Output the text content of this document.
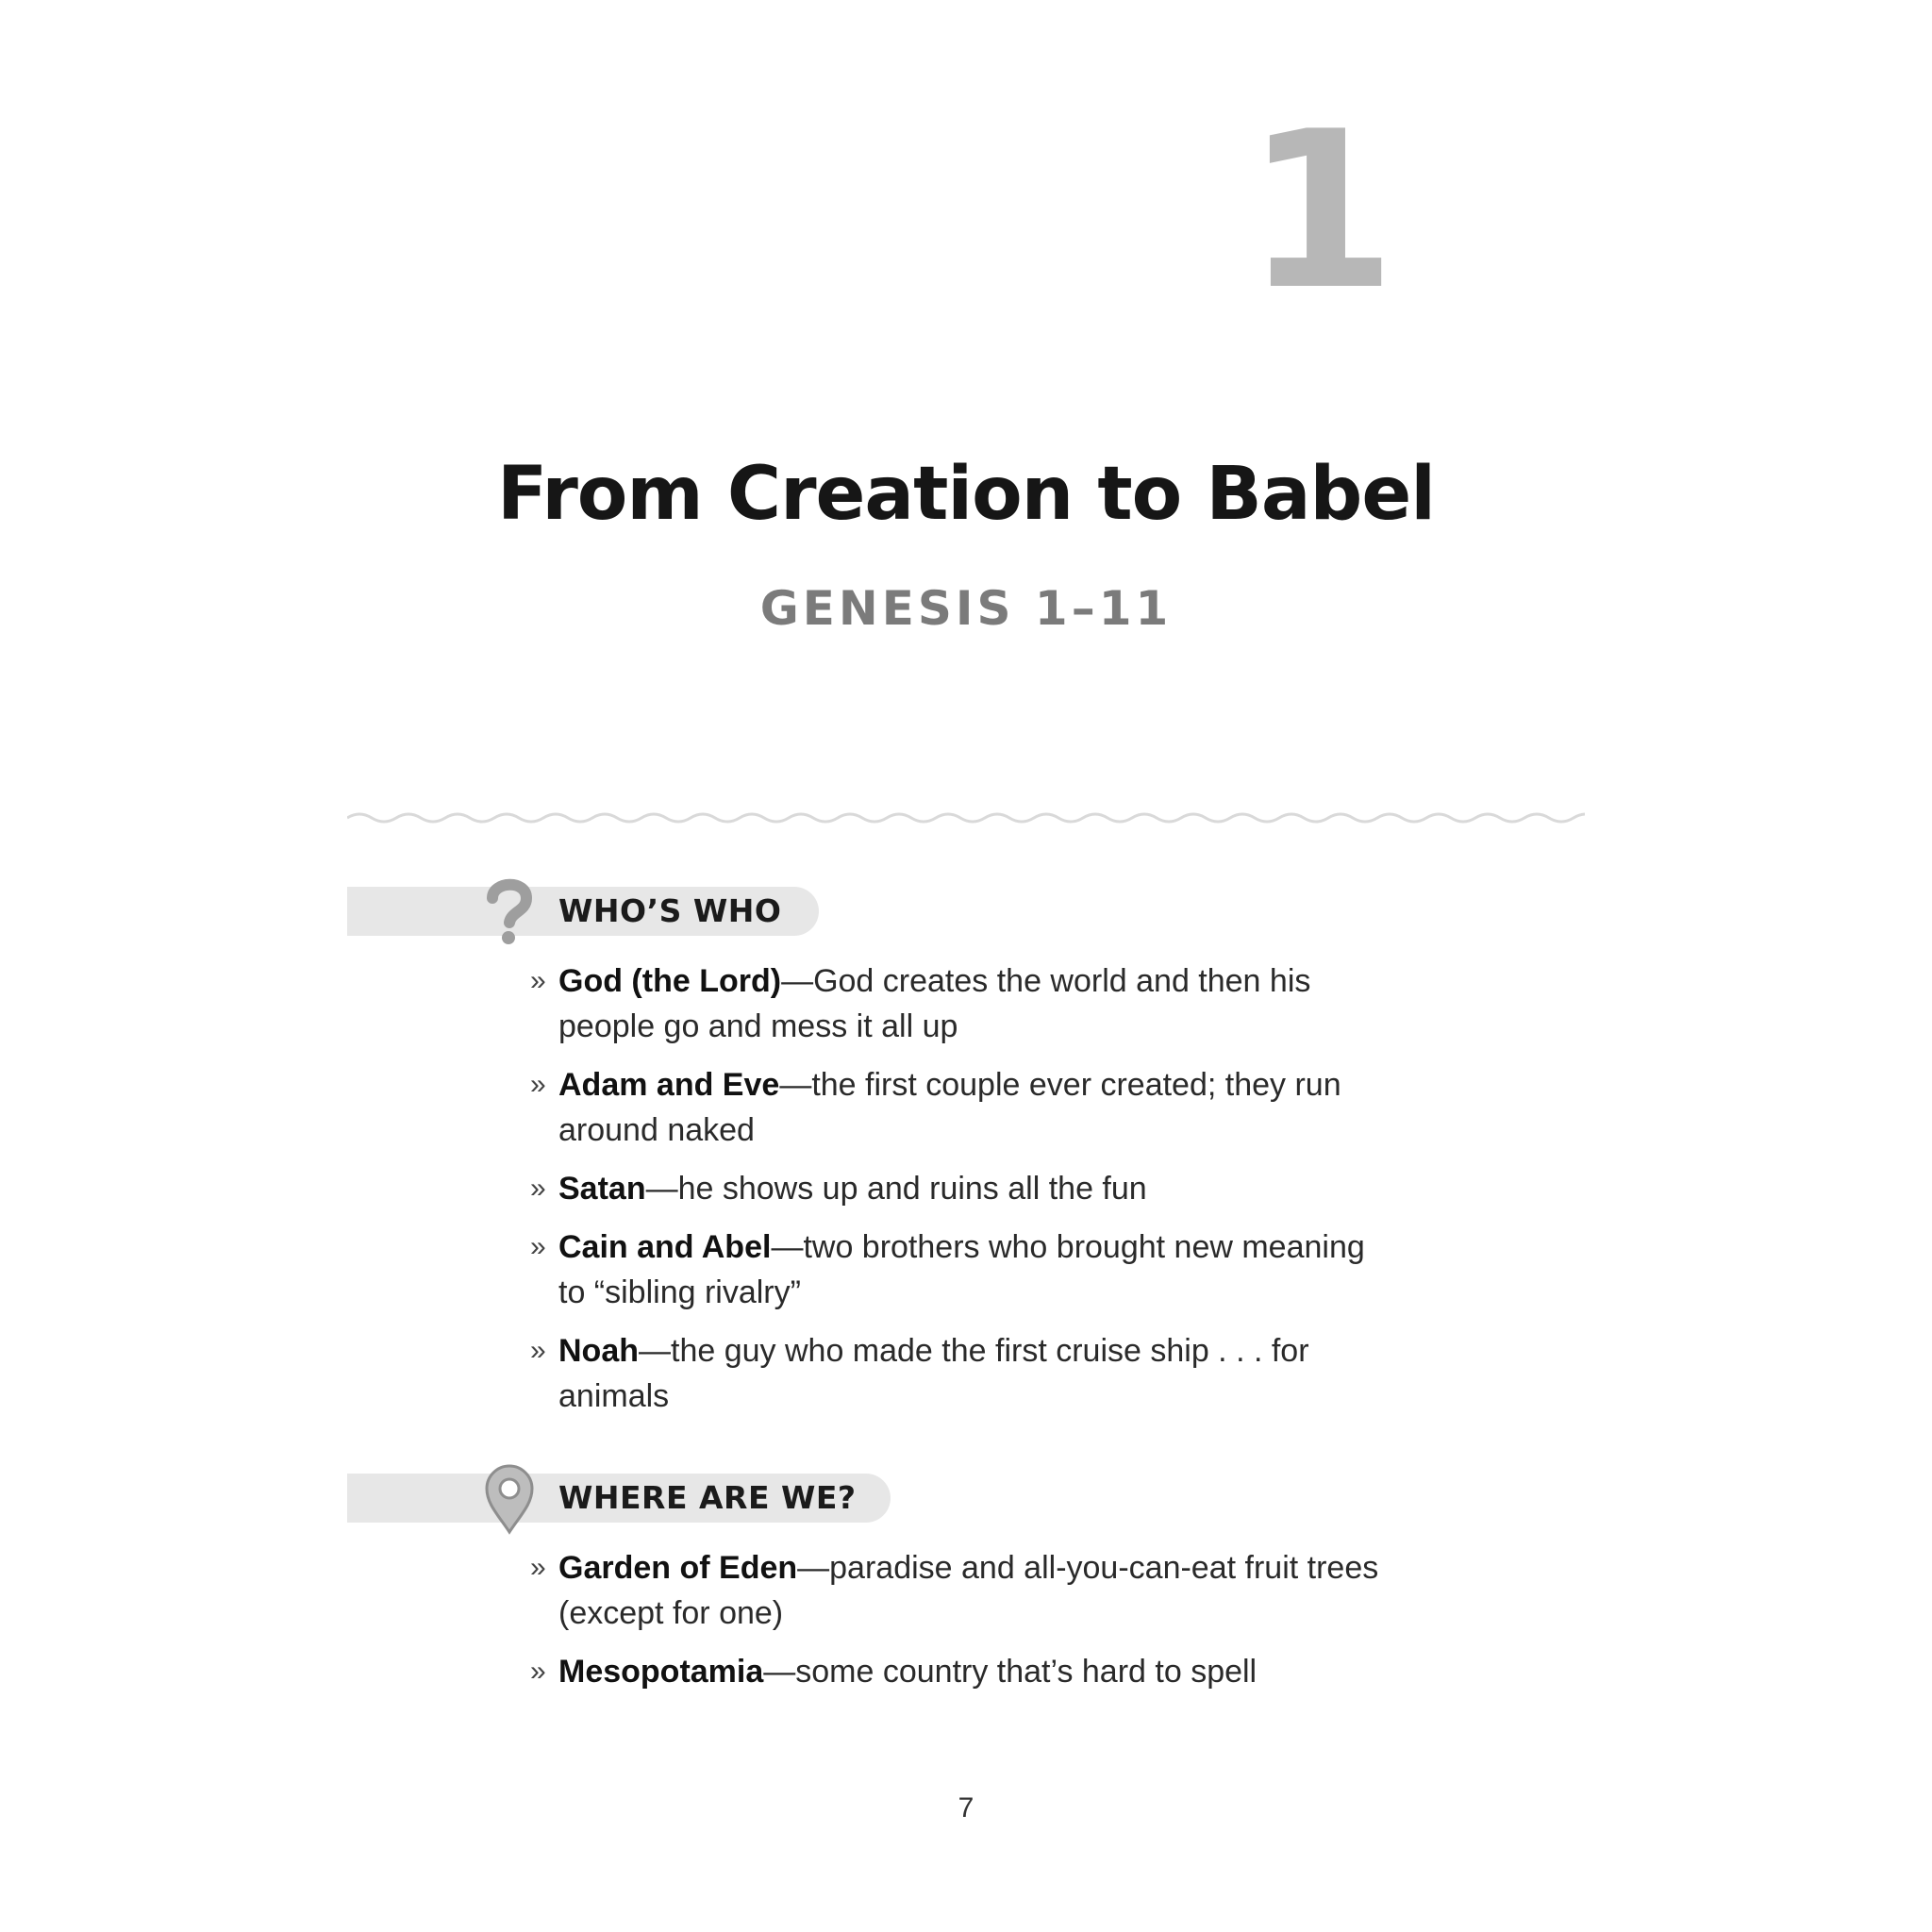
1
From Creation to Babel
GENESIS 1–11
WHO’S WHO
» God (the Lord)—God creates the world and then his people go and mess it all up
» Adam and Eve—the first couple ever created; they run around naked
» Satan—he shows up and ruins all the fun
» Cain and Abel—two brothers who brought new meaning to “sibling rivalry”
» Noah—the guy who made the first cruise ship . . . for animals
WHERE ARE WE?
» Garden of Eden—paradise and all-you-can-eat fruit trees (except for one)
» Mesopotamia—some country that’s hard to spell
7
